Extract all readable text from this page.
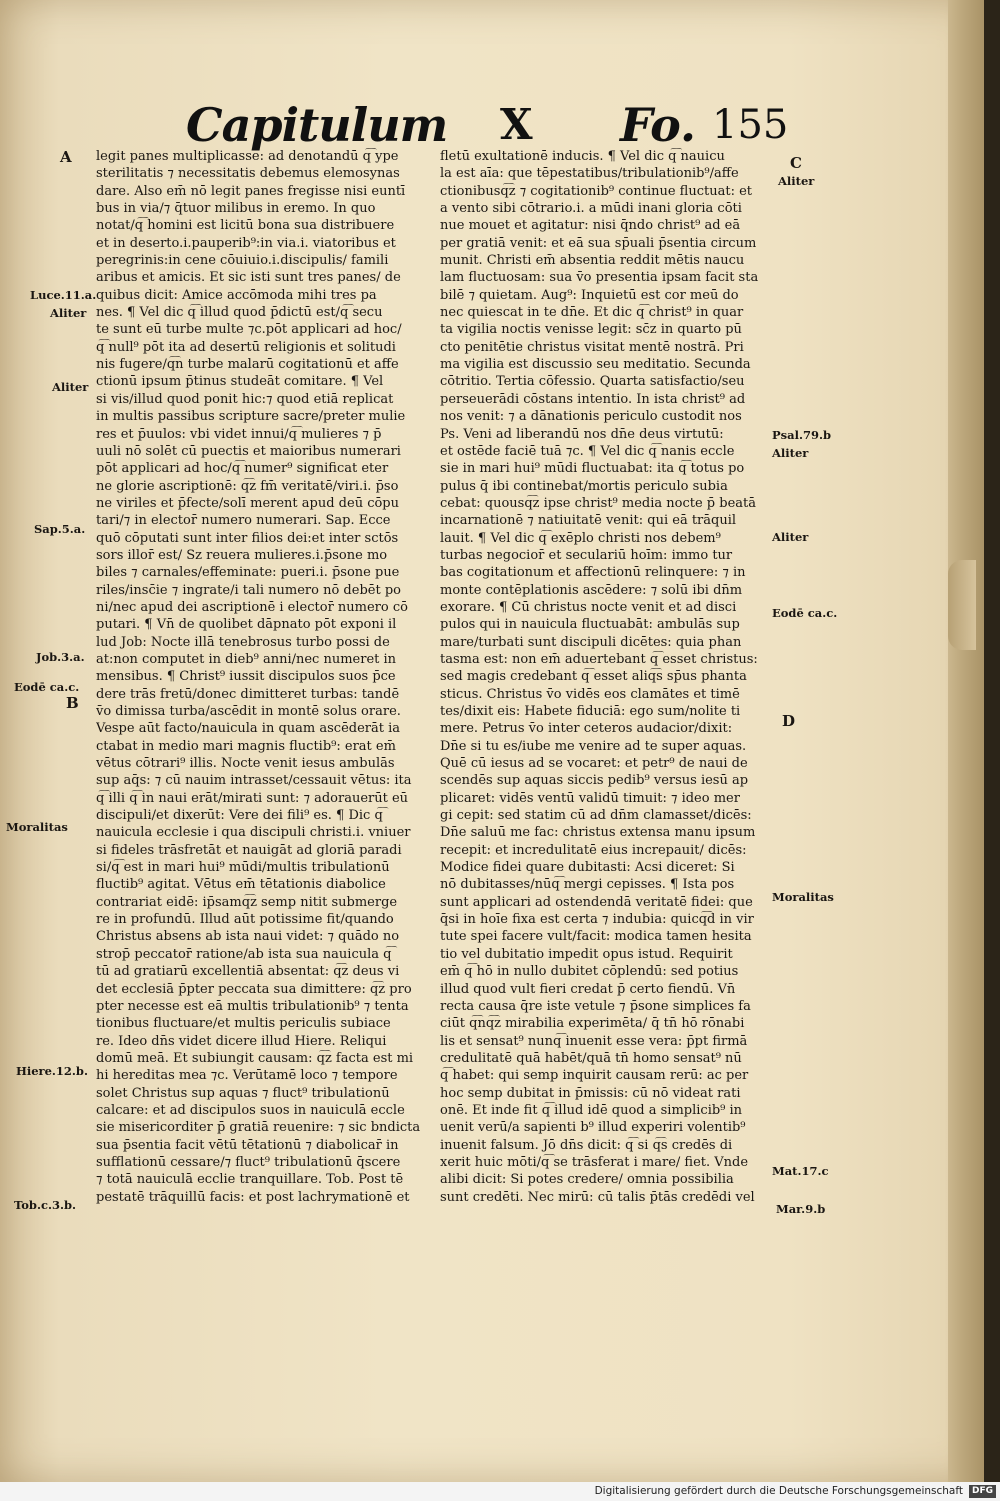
Capitulum X Fo. 155
legit panes multiplicasse: ad denotandū q͡ ype
sterilitatis ⁊ necessitatis debemus elemosynas
dare. Also em̄ nō legit panes fregisse nisi euntī
bus in via/⁊ q̄tuor milibus in eremo. In quo
notat/q͡ homini est licitū bona sua distribuere
et in deserto.i.pauperib⁹:in via.i. viatoribus et
peregrinis:in cene cōuiuio.i.discipulis/ famili
aribus et amicis. Et sic isti sunt tres panes/ de
quibus dicit: Amice accōmoda mihi tres pa
nes. ¶ Vel dic q͡ illud quod p̄dictū est/q͡ secu
te sunt eū turbe multe ⁊c.pōt applicari ad hoc/
q͡ null⁹ pōt ita ad desertū religionis et solitudi
nis fugere/q͡n turbe malarū cogitationū et affe
ctionū ipsum p̄tinus studeāt comitare. ¶ Vel
si vis/illud quod ponit hic:⁊ quod etiā replicat
in multis passibus scripture sacre/preter mulie
res et p̄uulos: vbi videt innui/q͡ mulieres ⁊ p̄
uuli nō solēt cū puectis et maioribus numerari
pōt applicari ad hoc/q͡ numer⁹ significat eter
ne glorie ascriptionē: q͡z fm̄ veritatē/viri.i. p̄so
ne viriles et p̄fecte/solī merent apud deū cōpu
tari/⁊ in elector̄ numero numerari. Sap. Ecce
quō cōputati sunt inter filios dei:et inter sctōs
sors illor̄ est/ Sz reuera mulieres.i.p̄sone mo
biles ⁊ carnales/effeminate: pueri.i. p̄sone pue
riles/insc̄ie ⁊ ingrate/i tali numero nō debēt po
ni/nec apud dei ascriptionē i elector̄ numero cō
putari. ¶ Vn̄ de quolibet dāpnato pōt exponi il
lud Job: Nocte illā tenebrosus turbo possi de
at:non computet in dieb⁹ anni/nec numeret in
mensibus. ¶ Christ⁹ iussit discipulos suos p̄ce
dere trās fretū/donec dimitteret turbas: tandē
v̄o dimissa turba/ascēdit in montē solus orare.
Vespe aūt facto/nauicula in quam ascēderāt ia
ctabat in medio mari magnis fluctib⁹: erat em̄
vētus cōtrari⁹ illis. Nocte venit iesus ambulās
sup aq̄s: ⁊ cū nauim intrasset/cessauit vētus: ita
q͡ illi q͡ in naui erāt/mirati sunt: ⁊ adorauerūt eū
discipuli/et dixerūt: Vere dei fili⁹ es. ¶ Dic q͡
nauicula ecclesie i qua discipuli christi.i. vniuer
si fideles trāsfretāt et nauigāt ad gloriā paradi
si/q͡ est in mari hui⁹ mūdi/multis tribulationū
fluctib⁹ agitat. Vētus em̄ tētationis diabolice
contrariat eidē: ip̄samq͡z semp nitit submerge
re in profundū. Illud aūt potissime fit/quando
Christus absens ab ista naui videt: ⁊ quādo no
strop̄ peccator̄ ratione/ab ista sua nauicula q͡
tū ad gratiarū excellentiā absentat: q͡z deus vi
det ecclesiā p̄pter peccata sua dimittere: q͡z pro
pter necesse est eā multis tribulationib⁹ ⁊ tenta
tionibus fluctuare/et multis periculis subiace
re. Ideo dn̄s videt dicere illud Hiere. Reliqui
domū meā. Et subiungit causam: q͡z facta est mi
hi hereditas mea ⁊c. Verūtamē loco ⁊ tempore
solet Christus sup aquas ⁊ fluct⁹ tribulationū
calcare: et ad discipulos suos in nauiculā eccle
sie misericorditer p̄ gratiā reuenire: ⁊ sic b̄ndicta
sua p̄sentia facit vētū tētationū ⁊ diabolicar̄ in
sufflationū cessare/⁊ fluct⁹ tribulationū q̄scere
⁊ totā nauiculā eccl̄ie tranquillare. Tob. Post tē
pestatē trāquillū facis: et post lachrymationē et
fletū exultationē inducis. ¶ Vel dic q͡ nauicu
la est aīa: que tēpestatibus/tribulationib⁹/affe
ctionibusq͡z ⁊ cogitationib⁹ continue fluctuat: et
a vento sibi cōtrario.i. a mūdi inani gloria cōti
nue mouet et agitatur: nisi q̄ndo christ⁹ ad eā
per gratiā venit: et eā sua sp̄uali p̄sentia circum
munit. Christi em̄ absentia reddit mētis naucu
lam fluctuosam: sua v̄o presentia ipsam facit sta
bilē ⁊ quietam. Aug⁹: Inquietū est cor meū do
nec quiescat in te dn̄e. Et dic q͡ christ⁹ in quar
ta vigilia noctis venisse legit: sc̄z in quarto pū
cto penitētie christus visitat mentē nostrā. Pri
ma vigilia est discussio seu meditatio. Secunda
cōtritio. Tertia cōfessio. Quarta satisfactio/seu
perseuerādi cōstans intentio. In ista christ⁹ ad
nos venit: ⁊ a dānationis periculo custodit nos
Ps. Veni ad liberandū nos dn̄e deus virtutū:
et ostēde faciē tuā ⁊c. ¶ Vel dic q͡ nanis eccle
sie in mari hui⁹ mūdi fluctuabat: ita q͡ totus po
pulus q̄ ibi continebat/mortis periculo subia
cebat: quousq͡z ipse christ⁹ media nocte p̄ beatā
incarnationē ⁊ natiuitatē venit: qui eā trāquil
lauit. ¶ Vel dic q͡ exēplo christi nos debem⁹
turbas negocior̄ et seculariū hoīm: immo tur
bas cogitationum et affectionū relinquere: ⁊ in
monte contēplationis ascēdere: ⁊ solū ibi dn̄m
exorare. ¶ Cū christus nocte venit et ad disci
pulos qui in nauicula fluctuabāt: ambulās sup
mare/turbati sunt discipuli dicētes: quia phan
tasma est: non em̄ aduertebant q͡ esset christus:
sed magis credebant q͡ esset aliq͡s sp̄us phanta
sticus. Christus v̄o vidēs eos clamātes et timē
tes/dixit eis: Habete fiduciā: ego sum/nolite ti
mere. Petrus v̄o inter ceteros audacior/dixit:
Dn̄e si tu es/iube me venire ad te super aquas.
Quē cū iesus ad se vocaret: et petr⁹ de naui de
scendēs sup aquas siccis pedib⁹ versus iesū ap
plicaret: vidēs ventū validū timuit: ⁊ ideo mer
gi cepit: sed statim cū ad dn̄m clamasset/dicēs:
Dn̄e saluū me fac: christus extensa manu ipsum
recepit: et incredulitatē eius increpauit/ dicēs:
Modice fidei quare dubitasti: Acsi diceret: Si
nō dubitasses/nūq͡ mergi cepisses. ¶ Ista pos
sunt applicari ad ostendendā veritatē fidei: que
q̄si in hoīe fixa est certa ⁊ indubia: quicq͡d in vir
tute spei facere vult/facit: modica tamen hesita
tio vel dubitatio impedit opus istud. Requirit
em̄ q͡ hō in nullo dubitet cōplendū: sed potius
illud quod vult fieri credat p̄ certo fiendū. Vn̄
recta causa q̄re iste vetule ⁊ p̄sone simplices fa
ciūt q͡nq͡z mirabilia experimēta/ q̄ tn̄ hō rōnabi
lis et sensat⁹ nunq͡ inuenit esse vera: p̄pt firmā
credulitatē quā habēt/quā tn̄ homo sensat⁹ nū
q͡ habet: qui semp inquirit causam rerū: ac per
hoc semp dubitat in p̄missis: cū nō videat rati
onē. Et inde fit q͡ illud idē quod a simplicib⁹ in
uenit verū/a sapienti b⁹ illud experiri volentib⁹
inuenit falsum. Jō dn̄s dicit: q͡ si q͡s credēs di
xerit huic mōti/q͡ se trāsferat i mare/ fiet. Vnde
alibi dicit: Si potes credere/ omnia possibilia
sunt credēti. Nec mirū: cū talis p̄tās credēdi vel
A
Luce.11.a.
Aliter
Aliter
Sap.5.a.
Job.3.a.
Eodē ca.c.
B
Moralitas
Hiere.12.b.
Tob.c.3.b.
C
Aliter
Psal.79.b
Aliter
Aliter
Eodē ca.c.
D
Moralitas
Mat.17.c
Mar.9.b
Digitalisierung gefördert durch die Deutsche Forschungsgemeinschaft DFG
